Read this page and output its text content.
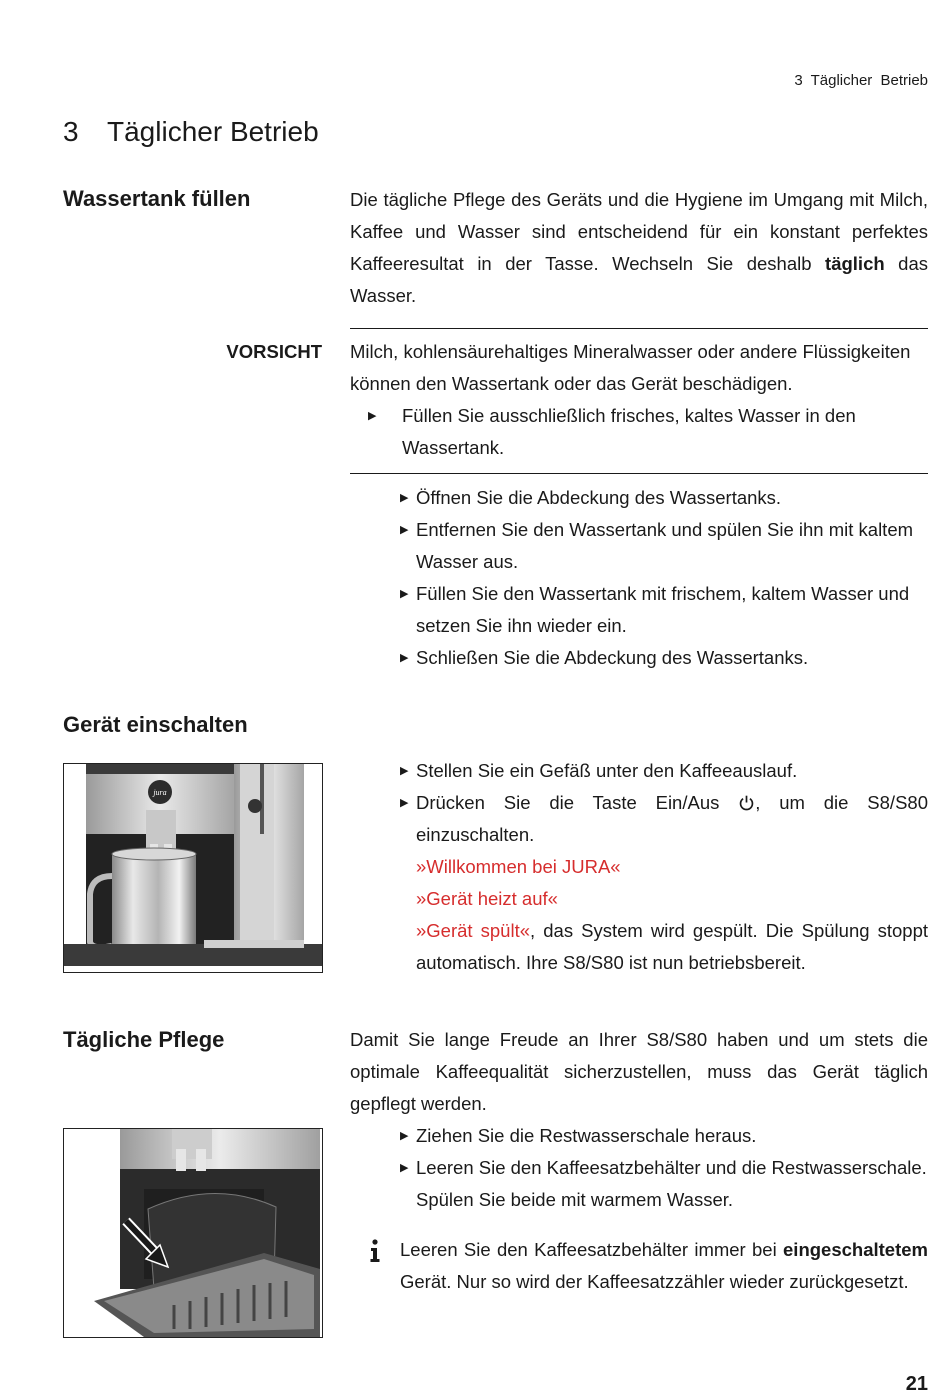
3 Täglicher Betrieb
3 Täglicher Betrieb
Wassertank füllen	Die tägliche Pflege des Geräts und die Hygiene im Umgang mit Milch, Kaffee und Wasser sind entscheidend für ein konstant perfektes Kaffeeresultat in der Tasse. Wechseln Sie deshalb täglich das Wasser.

VORSICHT Milch, kohlensäurehaltiges Mineralwasser oder andere Flüssigkeiten können den Wassertank oder das Gerät beschädigen.

▶ Füllen Sie ausschließlich frisches, kaltes Wasser in den Wassertank.
▶ Öffnen Sie die Abdeckung des Wassertanks.
▶ Entfernen Sie den Wassertank und spülen Sie ihn mit kaltem Wasser aus.
▶ Füllen Sie den Wassertank mit frischem, kaltem Wasser und setzen Sie ihn wieder ein.
▶ Schließen Sie die Abdeckung des Wassertanks.
Gerät einschalten
jura
▶ Stellen Sie ein Gefäß unter den Kaffeeauslauf.
▶ Drücken Sie die Taste Ein/Aus , um die S8/S80 einzuschalten.
»Willkommen bei JURA«
»Gerät heizt auf«
»Gerät spült«, das System wird gespült. Die Spülung stoppt automatisch. Ihre S8/S80 ist nun betriebsbereit.
Tägliche Pflege	Damit Sie lange Freude an Ihrer S8/S80 haben und um stets die optimale Kaffeequalität sicherzustellen, muss das Gerät täglich gepflegt werden.

▶ Ziehen Sie die Restwasserschale heraus.
▶ Leeren Sie den Kaffeesatzbehälter und die Restwasserschale. Spülen Sie beide mit warmem Wasser.

Leeren Sie den Kaffeesatzbehälter immer bei eingeschaltetem Gerät. Nur so wird der Kaffeesatzzähler wieder zurückgesetzt.

21
